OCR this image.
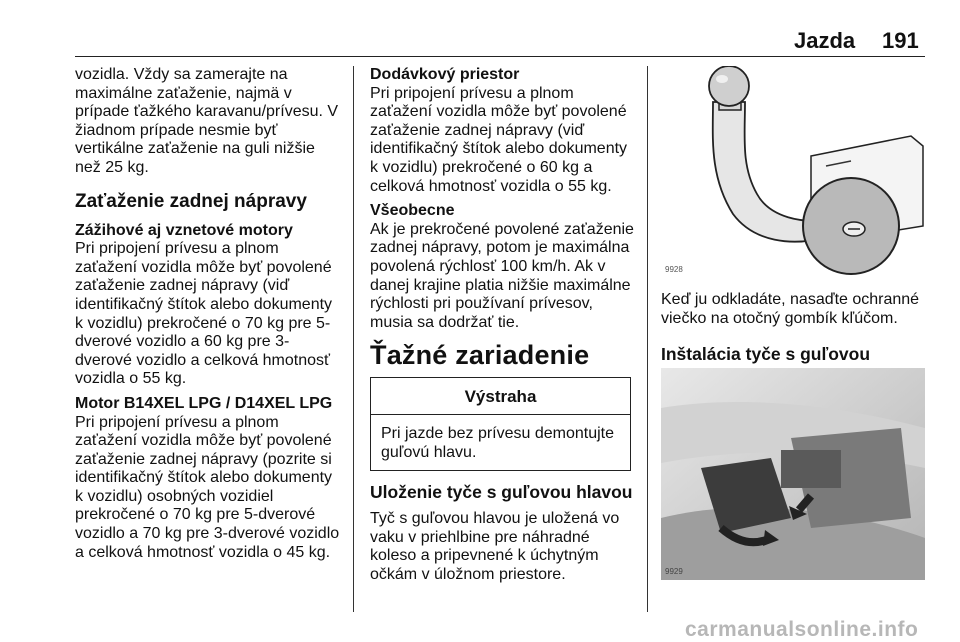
Jazda 191

vozidla. Vždy sa zamerajte na

maximálne zaťaženie, najmä v

prípade ťažkého karavanu/prívesu. V

žiadnom prípade nesmie byť

vertikálne zaťaženie na guli nižšie

než 25 kg.

Zaťaženie zadnej nápravy

Zážihové aj vznetové motory

Pri pripojení prívesu a plnom

zaťažení vozidla môže byť povolené

zaťaženie zadnej nápravy (viď

identifikačný štítok alebo dokumenty

k vozidlu) prekročené o 70 kg pre 5-

dverové vozidlo a 60 kg pre 3-

dverové vozidlo a celková hmotnosť

vozidla o 55 kg.

Motor B14XEL LPG / D14XEL LPG

Pri pripojení prívesu a plnom

zaťažení vozidla môže byť povolené

zaťaženie zadnej nápravy (pozrite si

identifikačný štítok alebo dokumenty

k vozidlu) osobných vozidiel

prekročené o 70 kg pre 5-dverové

vozidlo a 70 kg pre 3-dverové vozidlo

a celková hmotnosť vozidla o 45 kg.

Dodávkový priestor

Pri pripojení prívesu a plnom

zaťažení vozidla môže byť povolené

zaťaženie zadnej nápravy (viď

identifikačný štítok alebo dokumenty

k vozidlu) prekročené o 60 kg a

celková hmotnosť vozidla o 55 kg.

Všeobecne

Ak je prekročené povolené zaťaženie

zadnej nápravy, potom je maximálna

povolená rýchlosť 100 km/h. Ak v

danej krajine platia nižšie maximálne

rýchlosti pri používaní prívesov,

musia sa dodržať tie.

Ťažné zariadenie

Výstraha
Pri jazde bez prívesu demontujte
guľovú hlavu.

Uloženie tyče s guľovou hlavou

Tyč s guľovou hlavou je uložená vo

vaku v priehlbine pre náhradné

koleso a pripevnené k úchytným

očkám v úložnom priestore.

9928

Keď ju odkladáte, nasaďte ochranné

viečko na otočný gombík kľúčom.

Inštalácia tyče s guľovou

9929
carmanualsonline.info
